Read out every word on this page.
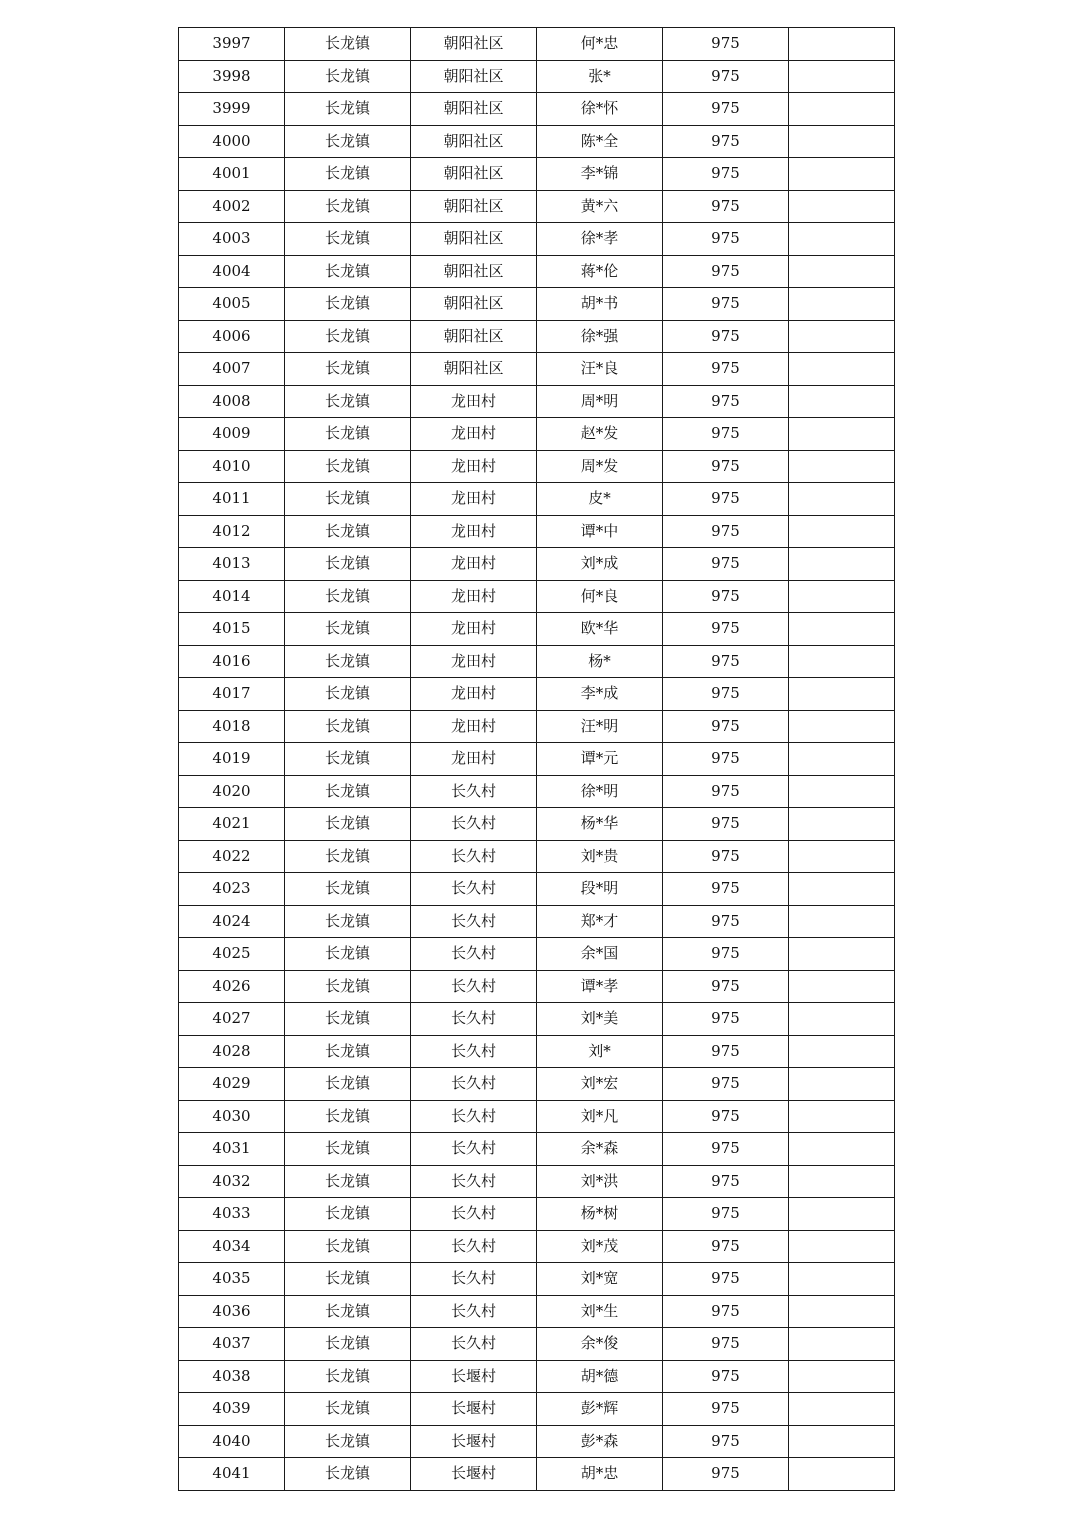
3997	长龙镇	朝阳社区	何*忠	975	
3998	长龙镇	朝阳社区	张*	975	
3999	长龙镇	朝阳社区	徐*怀	975	
4000	长龙镇	朝阳社区	陈*全	975	
4001	长龙镇	朝阳社区	李*锦	975	
4002	长龙镇	朝阳社区	黄*六	975	
4003	长龙镇	朝阳社区	徐*孝	975	
4004	长龙镇	朝阳社区	蒋*伦	975	
4005	长龙镇	朝阳社区	胡*书	975	
4006	长龙镇	朝阳社区	徐*强	975	
4007	长龙镇	朝阳社区	汪*良	975	
4008	长龙镇	龙田村	周*明	975	
4009	长龙镇	龙田村	赵*发	975	
4010	长龙镇	龙田村	周*发	975	
4011	长龙镇	龙田村	皮*	975	
4012	长龙镇	龙田村	谭*中	975	
4013	长龙镇	龙田村	刘*成	975	
4014	长龙镇	龙田村	何*良	975	
4015	长龙镇	龙田村	欧*华	975	
4016	长龙镇	龙田村	杨*	975	
4017	长龙镇	龙田村	李*成	975	
4018	长龙镇	龙田村	汪*明	975	
4019	长龙镇	龙田村	谭*元	975	
4020	长龙镇	长久村	徐*明	975	
4021	长龙镇	长久村	杨*华	975	
4022	长龙镇	长久村	刘*贵	975	
4023	长龙镇	长久村	段*明	975	
4024	长龙镇	长久村	郑*才	975	
4025	长龙镇	长久村	余*国	975	
4026	长龙镇	长久村	谭*孝	975	
4027	长龙镇	长久村	刘*美	975	
4028	长龙镇	长久村	刘*	975	
4029	长龙镇	长久村	刘*宏	975	
4030	长龙镇	长久村	刘*凡	975	
4031	长龙镇	长久村	余*森	975	
4032	长龙镇	长久村	刘*洪	975	
4033	长龙镇	长久村	杨*树	975	
4034	长龙镇	长久村	刘*茂	975	
4035	长龙镇	长久村	刘*宽	975	
4036	长龙镇	长久村	刘*生	975	
4037	长龙镇	长久村	余*俊	975	
4038	长龙镇	长堰村	胡*德	975	
4039	长龙镇	长堰村	彭*辉	975	
4040	长龙镇	长堰村	彭*森	975	
4041	长龙镇	长堰村	胡*忠	975	
